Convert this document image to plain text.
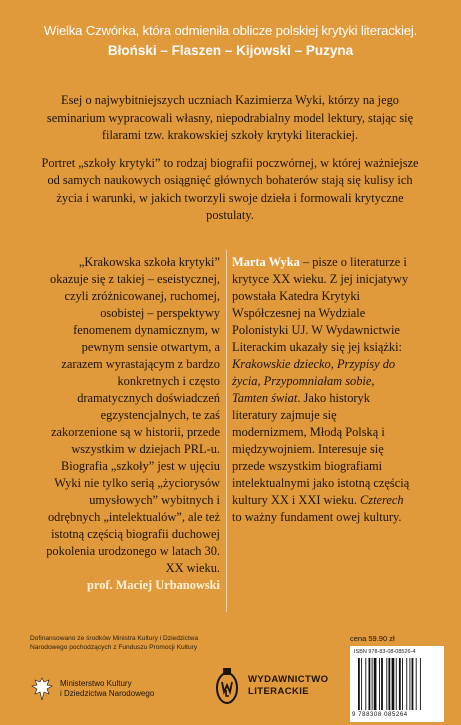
Wielka Czwórka, która odmieniła oblicze polskiej krytyki literackiej.
Błoński – Flaszen – Kijowski – Puzyna

Esej o najwybitniejszych uczniach Kazimierza Wyki, którzy na jego seminarium wypracowali własny, niepodrabialny model lektury, stając się filarami tzw. krakowskiej szkoły krytyki literackiej.

Portret „szkoły krytyki” to rodzaj biografii poczwórnej, w której ważniejsze od samych naukowych osiągnięć głównych bohaterów stają się kulisy ich życia i warunki, w jakich tworzyli swoje dzieła i formowali krytyczne postulaty.

„Krakowska szkoła krytyki” okazuje się z takiej – eseistycznej, czyli zróżnicowanej, ruchomej, osobistej – perspektywy fenomenem dynamicznym, w pewnym sensie otwartym, a zarazem wyrastającym z bardzo konkretnych i często dramatycznych doświadczeń egzystencjalnych, te zaś zakorzenione są w historii, przede wszystkim w dziejach PRL-u. Biografia „szkoły” jest w ujęciu Wyki nie tylko serią „życiorysów umysłowych” wybitnych i odrębnych „intelektualów”, ale też istotną częścią biografii duchowej pokolenia urodzonego w latach 30. XX wieku.
prof. Maciej Urbanowski

Marta Wyka – pisze o literaturze i krytyce XX wieku. Z jej inicjatywy powstała Katedra Krytyki Współczesnej na Wydziale Polonistyki UJ. W Wydawnictwie Literackim ukazały się jej książki: Krakowskie dziecko, Przypisy do życia, Przypomniałam sobie, Tamten świat. Jako historyk literatury zajmuje się modernizmem, Młodą Polską i międzywojniem. Interesuje się przede wszystkim biografiami intelektualnymi jako istotną częścią kultury XX i XXI wieku. Czterech to ważny fundament owej kultury.

Dofinansowano ze środków Ministra Kultury i Dziedzictwa Narodowego pochodzących z Funduszu Promocji Kultury
Ministerstwo Kultury
i Dziedzictwa Narodowego
WYDAWNICTWO
LITERACKIE
cena 59.90 zł
ISBN 978-83-08-08526-4
9 788308 085264
